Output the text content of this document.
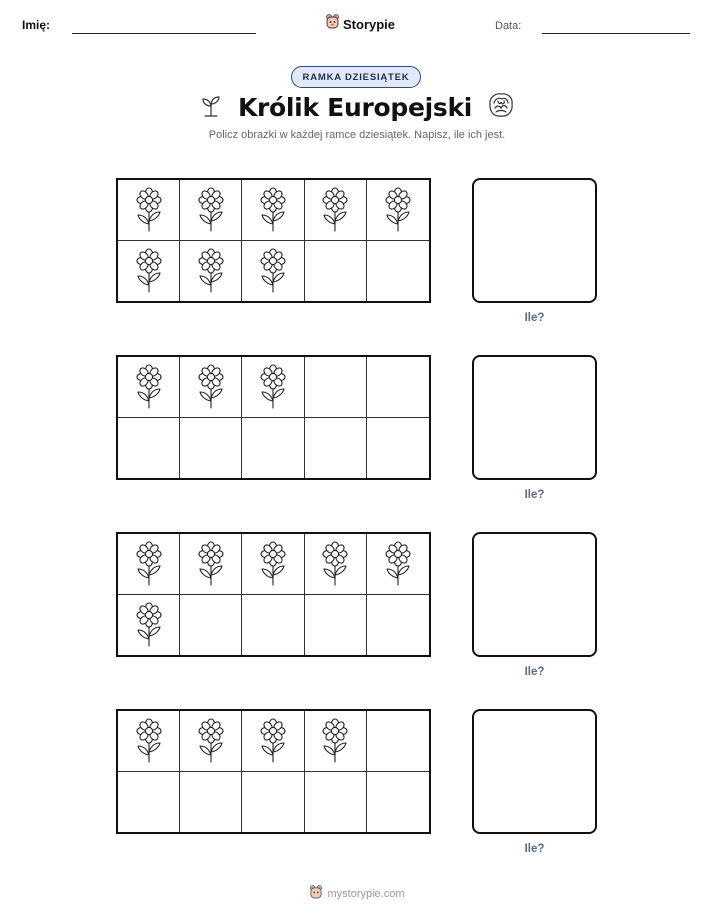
Imię:	Storypie	Data:
RAMKA DZIESIĄTEK
Królik Europejski
Policz obrazki w każdej ramce dziesiątek. Napisz, ile ich jest.
Ile?
Ile?
Ile?
Ile?
mystorypie.com
